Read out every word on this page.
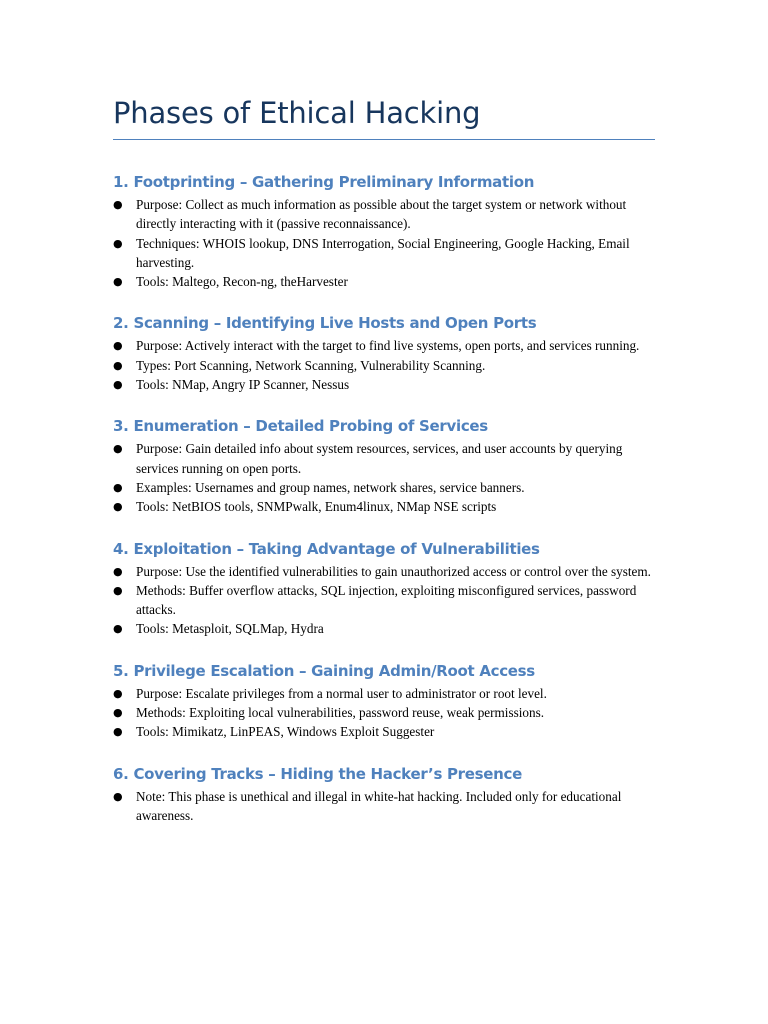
Phases of Ethical Hacking
1. Footprinting – Gathering Preliminary Information
● Purpose: Collect as much information as possible about the target system or network without directly interacting with it (passive reconnaissance).
● Techniques: WHOIS lookup, DNS Interrogation, Social Engineering, Google Hacking, Email harvesting.
● Tools: Maltego, Recon-ng, theHarvester
2. Scanning – Identifying Live Hosts and Open Ports
● Purpose: Actively interact with the target to find live systems, open ports, and services running.
● Types: Port Scanning, Network Scanning, Vulnerability Scanning.
● Tools: NMap, Angry IP Scanner, Nessus
3. Enumeration – Detailed Probing of Services
● Purpose: Gain detailed info about system resources, services, and user accounts by querying services running on open ports.
● Examples: Usernames and group names, network shares, service banners.
● Tools: NetBIOS tools, SNMPwalk, Enum4linux, NMap NSE scripts
4. Exploitation – Taking Advantage of Vulnerabilities
● Purpose: Use the identified vulnerabilities to gain unauthorized access or control over the system.
● Methods: Buffer overflow attacks, SQL injection, exploiting misconfigured services, password attacks.
● Tools: Metasploit, SQLMap, Hydra
5. Privilege Escalation – Gaining Admin/Root Access
● Purpose: Escalate privileges from a normal user to administrator or root level.
● Methods: Exploiting local vulnerabilities, password reuse, weak permissions.
● Tools: Mimikatz, LinPEAS, Windows Exploit Suggester
6. Covering Tracks – Hiding the Hacker’s Presence
● Note: This phase is unethical and illegal in white-hat hacking. Included only for educational awareness.
